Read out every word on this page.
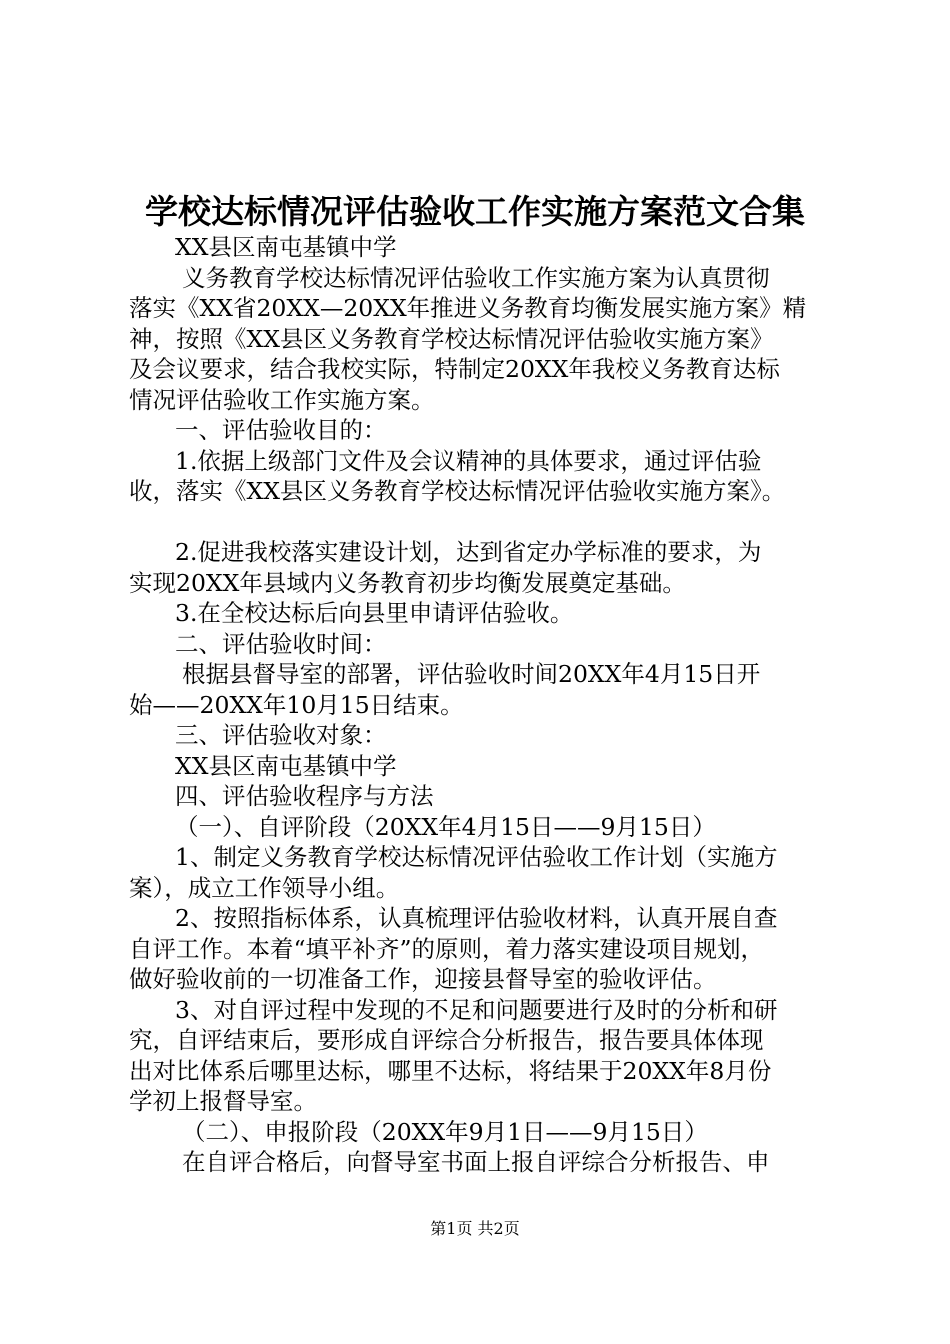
学校达标情况评估验收工作实施方案范文合集
XX县区南屯基镇中学
义务教育学校达标情况评估验收工作实施方案为认真贯彻
落实《XX省20XX—20XX年推进义务教育均衡发展实施方案》精
神，按照《XX县区义务教育学校达标情况评估验收实施方案》
及会议要求，结合我校实际，特制定20XX年我校义务教育达标
情况评估验收工作实施方案。
一、评估验收目的：
1.依据上级部门文件及会议精神的具体要求，通过评估验
收，落实《XX县区义务教育学校达标情况评估验收实施方案》。
2.促进我校落实建设计划，达到省定办学标准的要求，为
实现20XX年县域内义务教育初步均衡发展奠定基础。
3.在全校达标后向县里申请评估验收。
二、评估验收时间：
根据县督导室的部署，评估验收时间20XX年4月15日开
始——20XX年10月15日结束。
三、评估验收对象：
XX县区南屯基镇中学
四、评估验收程序与方法
（一）、自评阶段（20XX年4月15日——9月15日）
1、制定义务教育学校达标情况评估验收工作计划（实施方
案），成立工作领导小组。
2、按照指标体系，认真梳理评估验收材料，认真开展自查
自评工作。本着“填平补齐”的原则，着力落实建设项目规划，
做好验收前的一切准备工作，迎接县督导室的验收评估。
3、对自评过程中发现的不足和问题要进行及时的分析和研
究，自评结束后，要形成自评综合分析报告，报告要具体体现
出对比体系后哪里达标，哪里不达标，将结果于20XX年8月份
学初上报督导室。
（二）、申报阶段（20XX年9月1日——9月15日）
在自评合格后，向督导室书面上报自评综合分析报告、申
第1页 共2页
